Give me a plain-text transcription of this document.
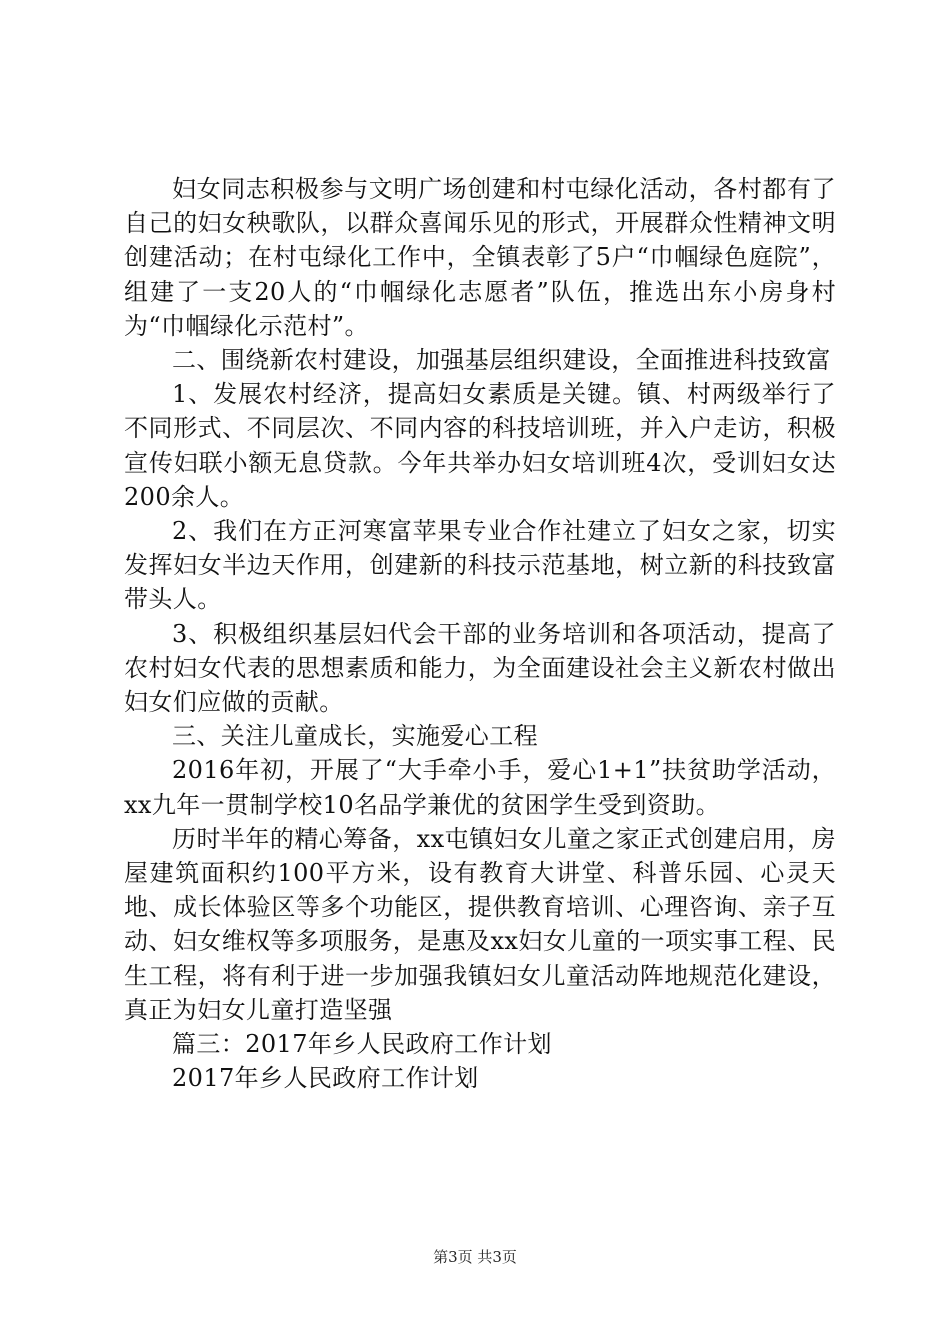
妇女同志积极参与文明广场创建和村屯绿化活动，各村都有了自己的妇女秧歌队，以群众喜闻乐见的形式，开展群众性精神文明创建活动；在村屯绿化工作中，全镇表彰了5户“巾帼绿色庭院”，组建了一支20人的“巾帼绿化志愿者”队伍，推选出东小房身村为“巾帼绿化示范村”。

二、围绕新农村建设，加强基层组织建设，全面推进科技致富

1、发展农村经济，提高妇女素质是关键。镇、村两级举行了不同形式、不同层次、不同内容的科技培训班，并入户走访，积极宣传妇联小额无息贷款。今年共举办妇女培训班4次，受训妇女达200余人。

2、我们在方正河寒富苹果专业合作社建立了妇女之家，切实发挥妇女半边天作用，创建新的科技示范基地，树立新的科技致富带头人。

3、积极组织基层妇代会干部的业务培训和各项活动，提高了农村妇女代表的思想素质和能力，为全面建设社会主义新农村做出妇女们应做的贡献。

三、关注儿童成长，实施爱心工程

2016年初，开展了“大手牵小手，爱心1+1”扶贫助学活动，xx九年一贯制学校10名品学兼优的贫困学生受到资助。

历时半年的精心筹备，xx屯镇妇女儿童之家正式创建启用，房屋建筑面积约100平方米，设有教育大讲堂、科普乐园、心灵天地、成长体验区等多个功能区，提供教育培训、心理咨询、亲子互动、妇女维权等多项服务，是惠及xx妇女儿童的一项实事工程、民生工程，将有利于进一步加强我镇妇女儿童活动阵地规范化建设，真正为妇女儿童打造坚强

篇三：2017年乡人民政府工作计划

2017年乡人民政府工作计划

第3页 共3页
